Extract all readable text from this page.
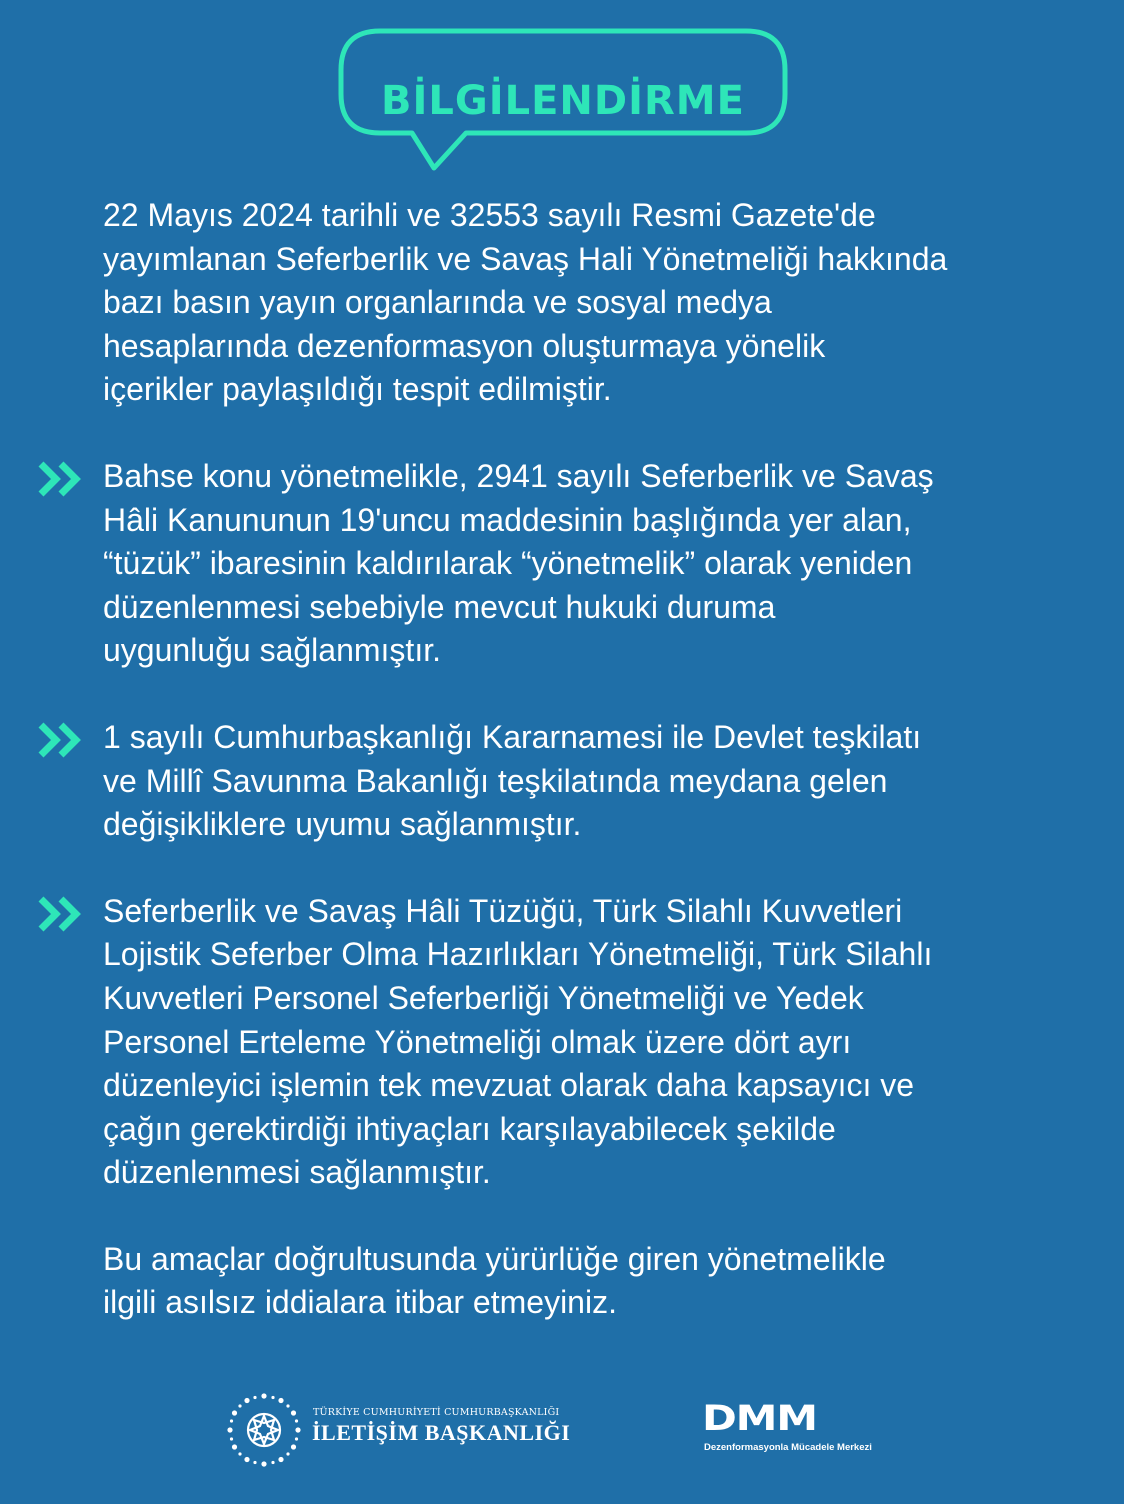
BİLGİLENDİRME
22 Mayıs 2024 tarihli ve 32553 sayılı Resmi Gazete'de
yayımlanan Seferberlik ve Savaş Hali Yönetmeliği hakkında
bazı basın yayın organlarında ve sosyal medya
hesaplarında dezenformasyon oluşturmaya yönelik
içerikler paylaşıldığı tespit edilmiştir.
Bahse konu yönetmelikle, 2941 sayılı Seferberlik ve Savaş
Hâli Kanununun 19'uncu maddesinin başlığında yer alan,
“tüzük” ibaresinin kaldırılarak “yönetmelik” olarak yeniden
düzenlenmesi sebebiyle mevcut hukuki duruma
uygunluğu sağlanmıştır.
1 sayılı Cumhurbaşkanlığı Kararnamesi ile Devlet teşkilatı
ve Millî Savunma Bakanlığı teşkilatında meydana gelen
değişikliklere uyumu sağlanmıştır.
Seferberlik ve Savaş Hâli Tüzüğü, Türk Silahlı Kuvvetleri
Lojistik Seferber Olma Hazırlıkları Yönetmeliği, Türk Silahlı
Kuvvetleri Personel Seferberliği Yönetmeliği ve Yedek
Personel Erteleme Yönetmeliği olmak üzere dört ayrı
düzenleyici işlemin tek mevzuat olarak daha kapsayıcı ve
çağın gerektirdiği ihtiyaçları karşılayabilecek şekilde
düzenlenmesi sağlanmıştır.
Bu amaçlar doğrultusunda yürürlüğe giren yönetmelikle
ilgili asılsız iddialara itibar etmeyiniz.
TÜRKİYE CUMHURİYETİ CUMHURBAŞKANLIĞI
İLETİŞİM BAŞKANLIĞI	DMM
Dezenformasyonla Mücadele Merkezi
